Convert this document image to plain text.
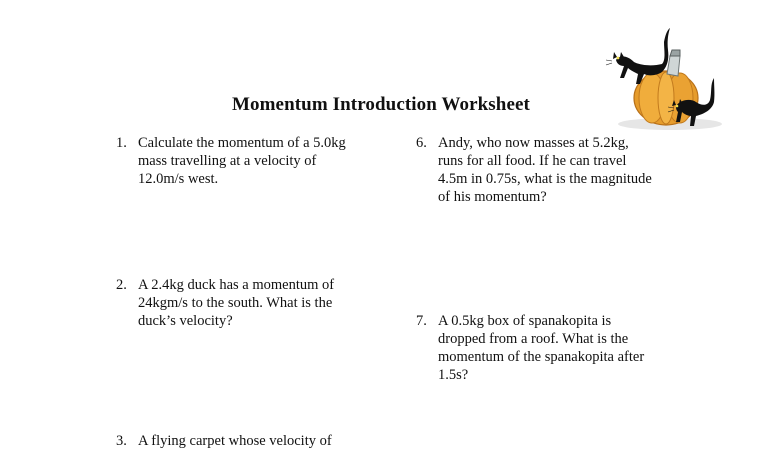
Momentum Introduction Worksheet
1. Calculate the momentum of a 5.0kg
mass travelling at a velocity of
12.0m/s west.
2. A 2.4kg duck has a momentum of
24kgm/s to the south. What is the
duck’s velocity?
3. A flying carpet whose velocity of
6. Andy, who now masses at 5.2kg,
runs for all food. If he can travel
4.5m in 0.75s, what is the magnitude
of his momentum?
7. A 0.5kg box of spanakopita is
dropped from a roof. What is the
momentum of the spanakopita after
1.5s?
